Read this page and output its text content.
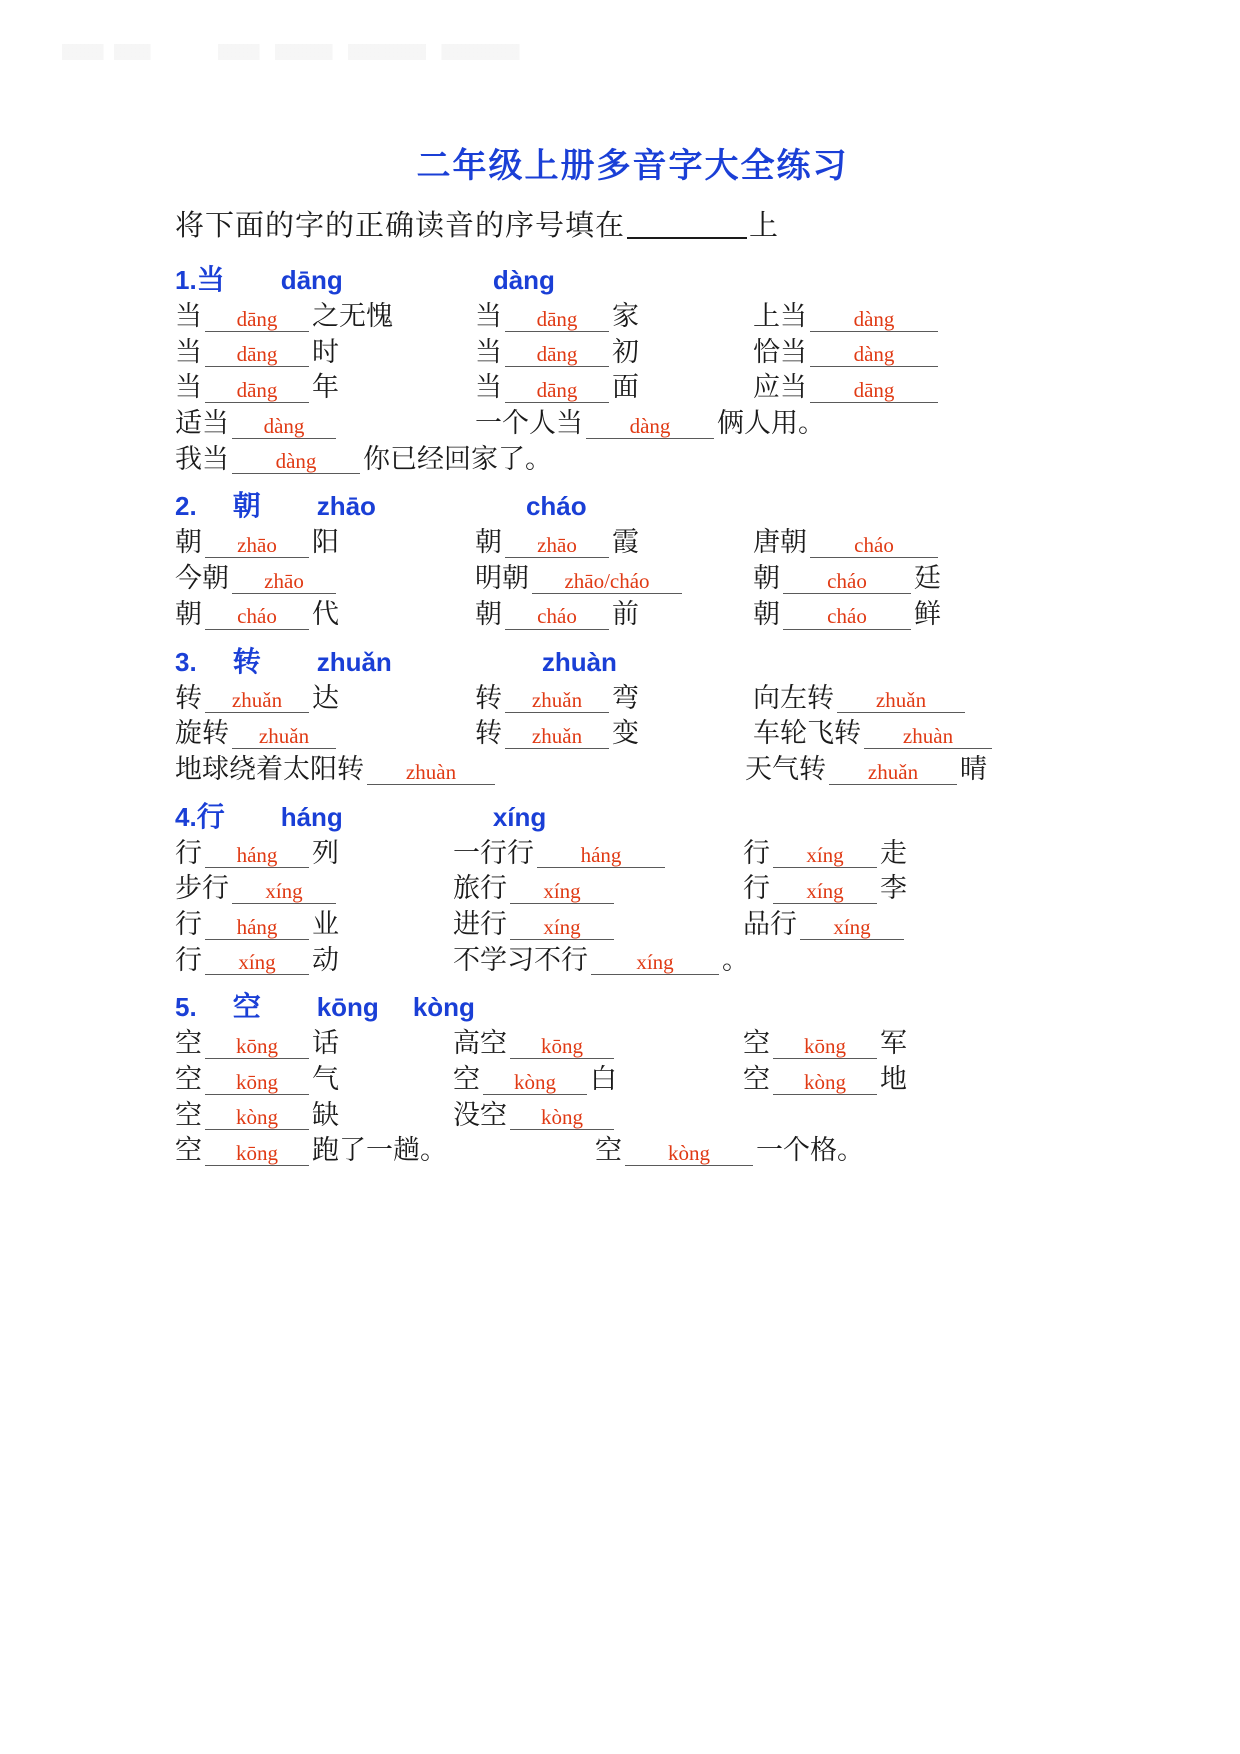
二年级上册多音字大全练习
将下面的字的正确读音的序号填在	上
1.当 dāng	dàng
当	dāng	之无愧	当	dāng	家	上当	dàng
当	dāng	时	当	dāng	初	恰当	dàng
当	dāng	年	当	dāng	面	应当	dāng
适当	dàng	一个人当	dàng	俩人用。
我当	dàng	你已经回家了。
2. 朝 zhāo	cháo
朝	zhāo	阳	朝	zhāo	霞	唐朝	cháo
今朝	zhāo	明朝	zhāo/cháo	朝	cháo	廷
朝	cháo	代	朝	cháo	前	朝	cháo	鲜
3. 转 zhuǎn	zhuàn
转	zhuǎn	达	转	zhuǎn	弯	向左转	zhuǎn
旋转	zhuǎn	转	zhuǎn	变	车轮飞转	zhuàn
地球绕着太阳转	zhuàn	天气转	zhuǎn	晴
4.行 háng	xíng
行	háng	列	一行行	háng	行	xíng	走
步行	xíng	旅行	xíng	行	xíng	李
行	háng	业	进行	xíng	品行	xíng
行	xíng	动	不学习不行	xíng	。
5. 空 kōng kòng
空	kōng	话	高空	kōng	空	kōng	军
空	kōng	气	空	kòng	白	空	kòng	地
空	kòng	缺	没空	kòng
空	kōng	跑了一趟。	空	kòng	一个格。
